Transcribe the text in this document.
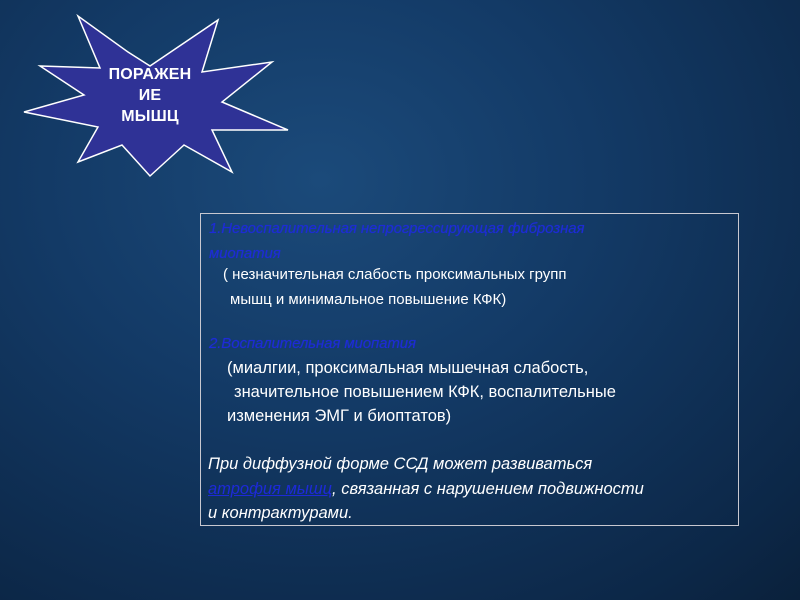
ПОРАЖЕН
ИЕ
МЫШЦ
1.Невоспалительная непрогрессирующая фиброзная
миопатия
( незначительная слабость проксимальных групп
мышц и минимальное повышение КФК)
2.Воспалительная миопатия
(миалгии, проксимальная мышечная слабость,
значительное повышением КФК, воспалительные
изменения ЭМГ и биоптатов)
При диффузной форме ССД может развиваться
атрофия мышц, связанная с нарушением подвижности
и контрактурами.
